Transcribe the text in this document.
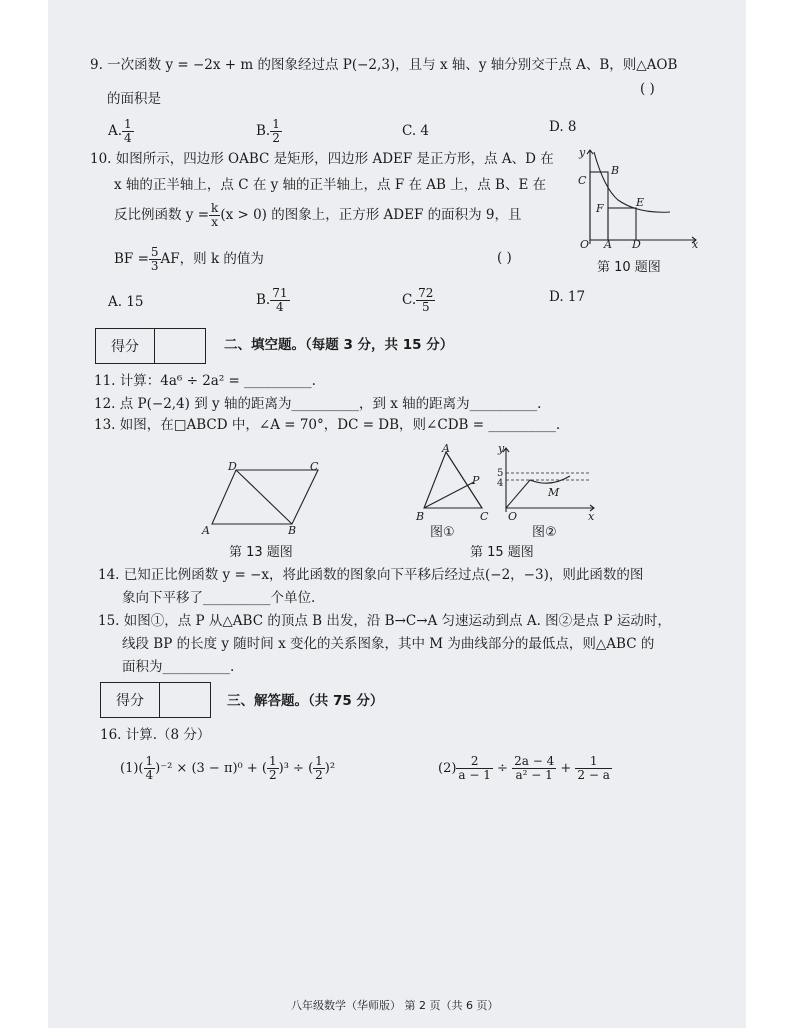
9. 一次函数 y = −2x + m 的图象经过点 P(−2,3)，且与 x 轴、y 轴分别交于点 A、B，则△AOB
的面积是
( )
A. $\frac{1}{4}$	B. $\frac{1}{2}$	C. 4	D. 8
10. 如图所示，四边形 OABC 是矩形，四边形 ADEF 是正方形，点 A、D 在
x 轴的正半轴上，点 C 在 y 轴的正半轴上，点 F 在 AB 上，点 B、E 在
反比例函数 $y = \frac{k}{x} (x > 0)$ 的图象上，正方形 ADEF 的面积为 9，且
BF = $\frac{5}{3}$ AF，则 k 的值为	( )
y
x
O A D
C
B
F	E
第 10 题图
A. 15	B. $\frac{71}{4}$	C. $\frac{72}{5}$	D. 17
得分	二、填空题。（每题 3 分，共 15 分）
11. 计算：4a⁶ ÷ 2a² = __________.
12. 点 P(−2,4) 到 y 轴的距离为__________，到 x 轴的距离为__________.
13. 如图，在□ABCD 中，∠A = 70°，DC = DB，则∠CDB = __________.
D	C
A	B
第 13 题图
A
B	C
P
y
x
O
M
5
4
图①	图②
第 15 题图
14. 已知正比例函数 y = −x，将此函数的图象向下平移后经过点(−2，−3)，则此函数的图
象向下平移了__________个单位.
15. 如图①，点 P 从△ABC 的顶点 B 出发，沿 B→C→A 匀速运动到点 A. 图②是点 P 运动时，
线段 BP 的长度 y 随时间 x 变化的关系图象，其中 M 为曲线部分的最低点，则△ABC 的
面积为__________.
得分	三、解答题。（共 75 分）
16. 计算.（8 分）
$(1)( \frac{1}{4} )^{-2} \times (3 - \pi)^0$ + ( $\frac{1}{2} )^3$ ÷ ( $\frac{1}{2} )^2$	$(2) \frac{2}{a - 1} \div \frac{2a - 4}{\text{a² − 1}} + \frac{1}{2 - a}$
八年级数学（华师版） 第 2 页（共 6 页）
